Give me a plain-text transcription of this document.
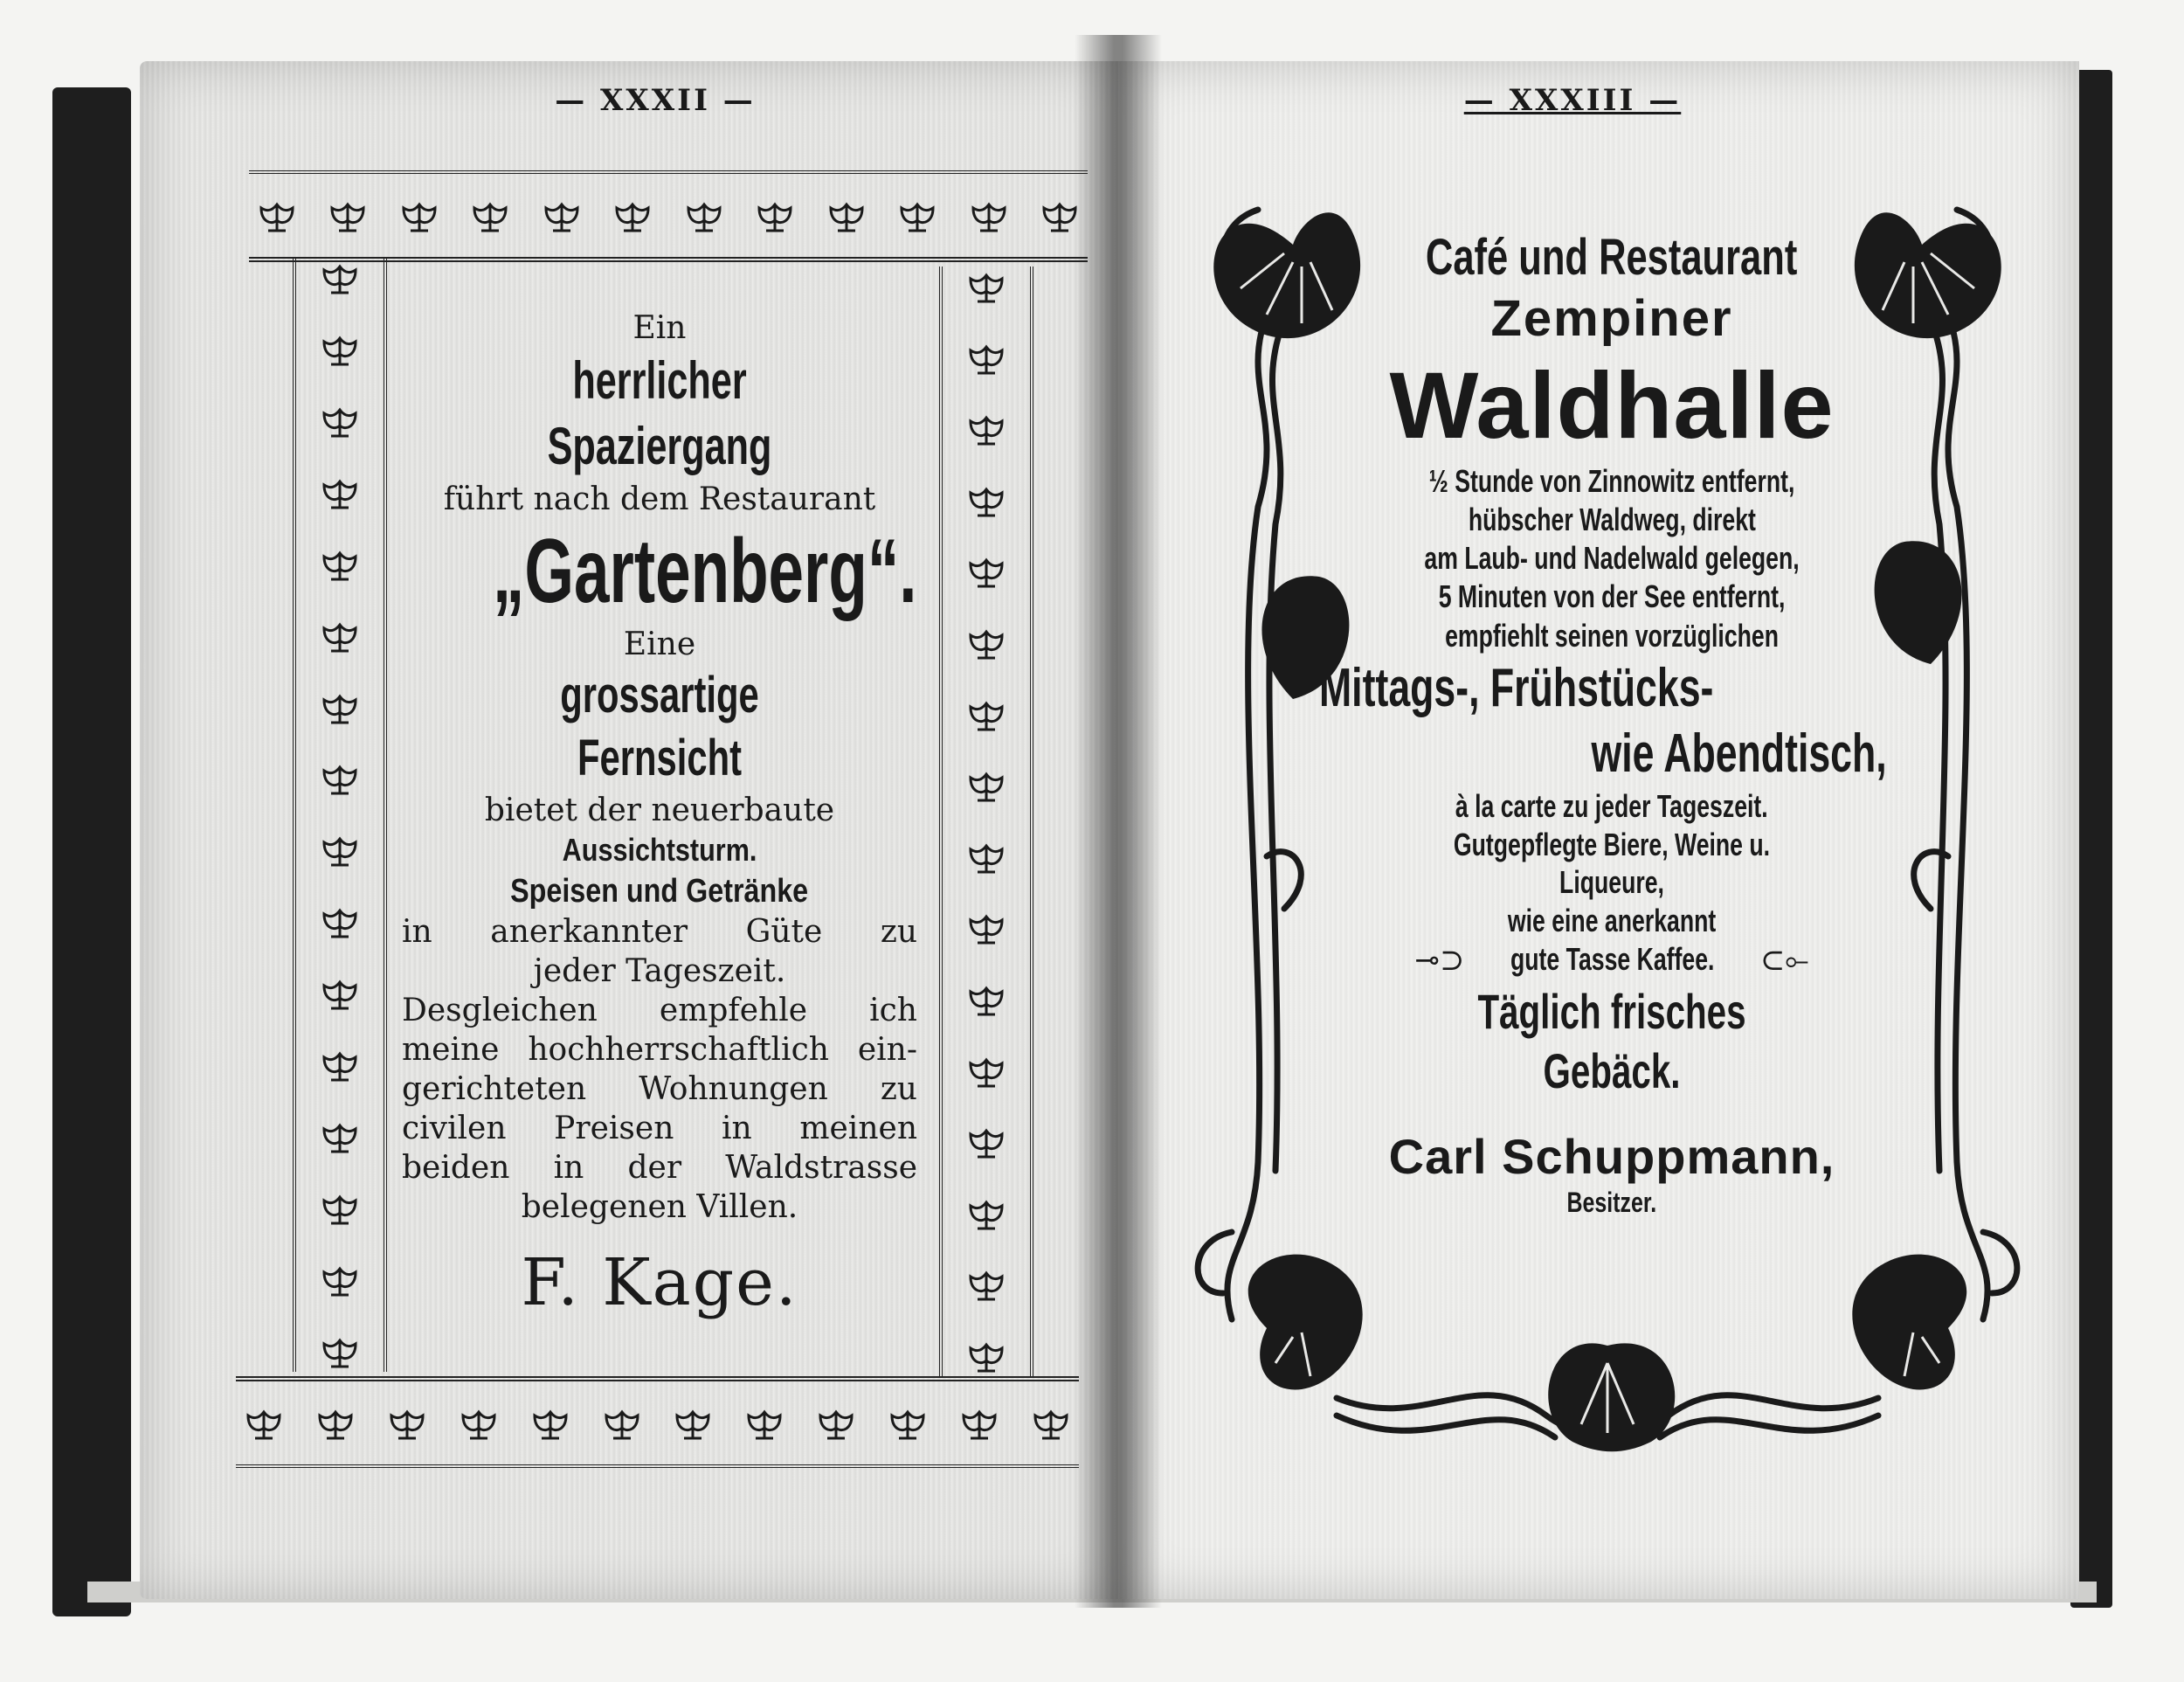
— XXXII —	— XXXIII —

Ein

herrlicher Spaziergang

führt nach dem Restaurant

„Gartenberg“.

Eine

grossartige Fernsicht

bietet der neuerbaute

Aussichtsturm.

Speisen und Getränke

in anerkannter Güte zu

jeder Tageszeit.

Desgleichen empfehle ich

meine hochherrschaftlich ein-

gerichteten Wohnungen zu

civilen Preisen in meinen

beiden in der Waldstrasse

belegenen Villen.

F. Kage.

Café und Restaurant

Zempiner

Waldhalle

½ Stunde von Zinnowitz entfernt,

hübscher Waldweg, direkt

am Laub- und Nadelwald gelegen,

5 Minuten von der See entfernt,

empfiehlt seinen vorzüglichen

Mittags-, Frühstücks-

wie Abendtisch,

à la carte zu jeder Tageszeit.

Gutgepflegte Biere, Weine u. Liqueure,

wie eine anerkannt

⊸⊃ gute Tasse Kaffee. ⊂⟜

Täglich frisches Gebäck.

Carl Schuppmann,

Besitzer.
